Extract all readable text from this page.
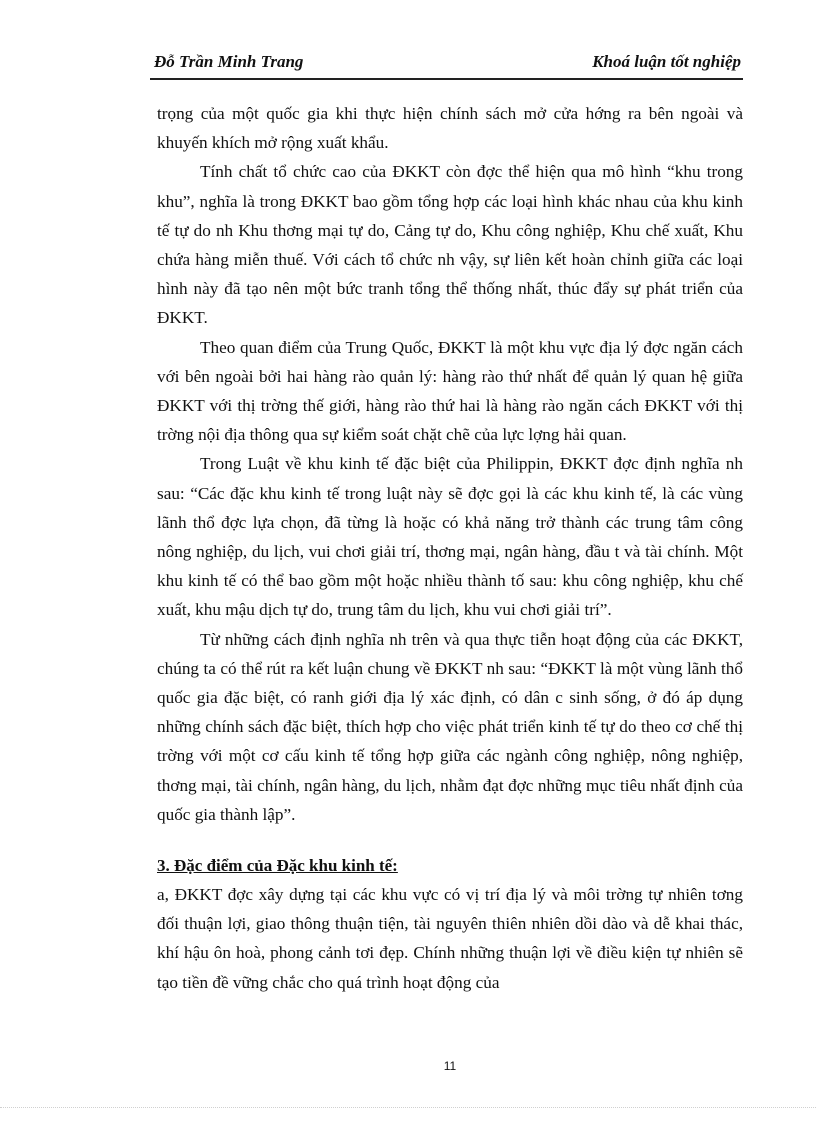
Đỗ Trần Minh Trang	Khoá luận tốt nghiệp

trọng của một quốc gia khi thực hiện chính sách mở cửa hớng ra bên ngoài và khuyến khích mở rộng xuất khẩu.

Tính chất tổ chức cao của ĐKKT còn đợc thể hiện qua mô hình “khu trong khu”, nghĩa là trong ĐKKT bao gồm tổng hợp các loại hình khác nhau của khu kinh tế tự do nh Khu thơng mại tự do, Cảng tự do, Khu công nghiệp, Khu chế xuất, Khu chứa hàng miễn thuế. Với cách tổ chức nh vậy, sự liên kết hoàn chỉnh giữa các loại hình này đã tạo nên một bức tranh tổng thể thống nhất, thúc đẩy sự phát triển của ĐKKT.

Theo quan điểm của Trung Quốc, ĐKKT là một khu vực địa lý đợc ngăn cách với bên ngoài bởi hai hàng rào quản lý: hàng rào thứ nhất để quản lý quan hệ giữa ĐKKT với thị trờng thế giới, hàng rào thứ hai là hàng rào ngăn cách ĐKKT với thị trờng nội địa thông qua sự kiểm soát chặt chẽ của lực lợng hải quan.

Trong Luật về khu kinh tế đặc biệt của Philippin, ĐKKT đợc định nghĩa nh sau: “Các đặc khu kinh tế trong luật này sẽ đợc gọi là các khu kinh tế, là các vùng lãnh thổ đợc lựa chọn, đã từng là hoặc có khả năng trở thành các trung tâm công nông nghiệp, du lịch, vui chơi giải trí, thơng mại, ngân hàng, đầu t và tài chính. Một khu kinh tế có thể bao gồm một hoặc nhiều thành tố sau: khu công nghiệp, khu chế xuất, khu mậu dịch tự do, trung tâm du lịch, khu vui chơi giải trí”.

Từ những cách định nghĩa nh trên và qua thực tiễn hoạt động của các ĐKKT, chúng ta có thể rút ra kết luận chung về ĐKKT nh sau: “ĐKKT là một vùng lãnh thổ quốc gia đặc biệt, có ranh giới địa lý xác định, có dân c sinh sống, ở đó áp dụng những chính sách đặc biệt, thích hợp cho việc phát triển kinh tế tự do theo cơ chế thị trờng với một cơ cấu kinh tế tổng hợp giữa các ngành công nghiệp, nông nghiệp, thơng mại, tài chính, ngân hàng, du lịch, nhằm đạt đợc những mục tiêu nhất định của quốc gia thành lập”.

3. Đặc điểm của Đặc khu kinh tế:

a, ĐKKT đợc xây dựng tại các khu vực có vị trí địa lý và môi trờng tự nhiên tơng đối thuận lợi, giao thông thuận tiện, tài nguyên thiên nhiên dồi dào và dễ khai thác, khí hậu ôn hoà, phong cảnh tơi đẹp. Chính những thuận lợi về điều kiện tự nhiên sẽ tạo tiền đề vững chắc cho quá trình hoạt động của

11
